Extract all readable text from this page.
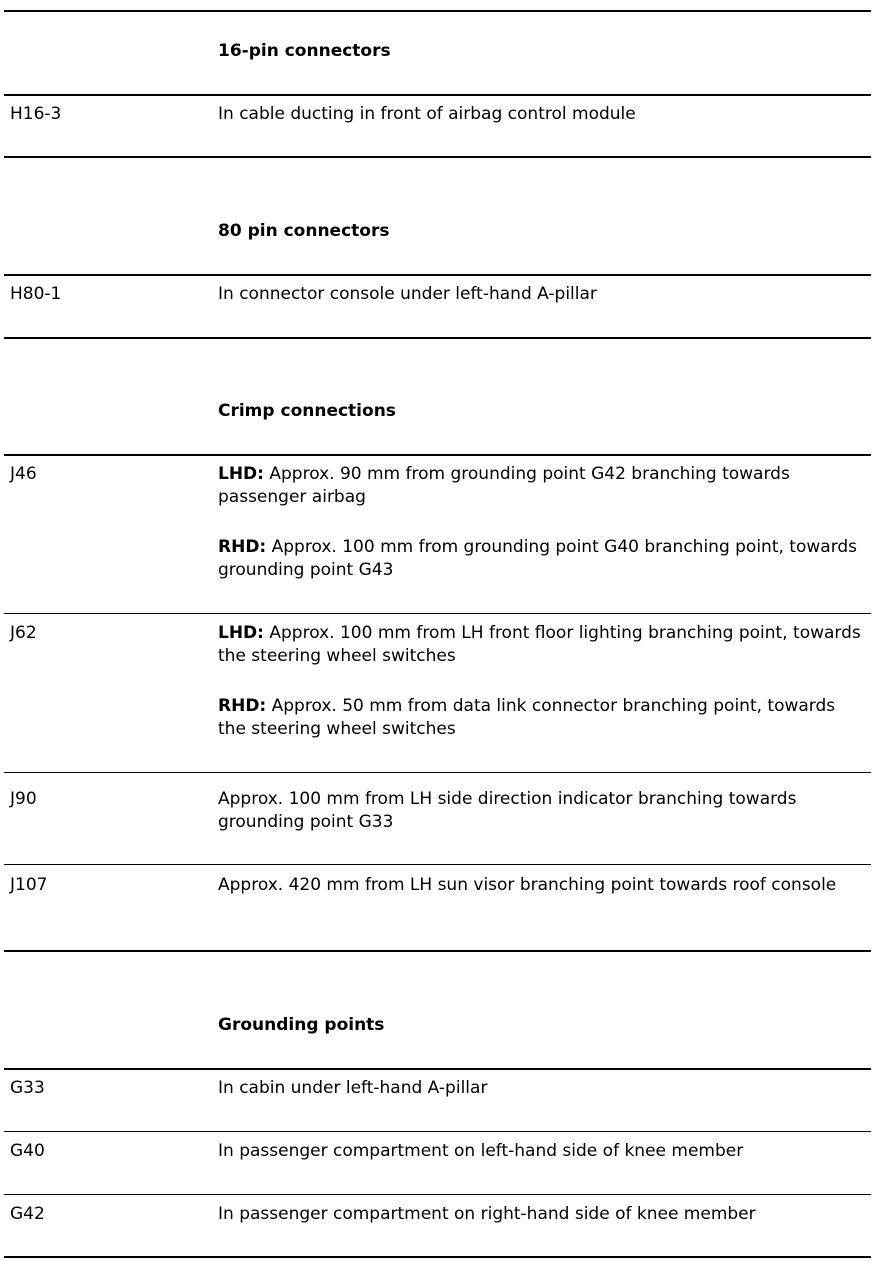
16-pin connectors
H16-3	In cable ducting in front of airbag control module
80 pin connectors
H80-1	In connector console under left-hand A-pillar
Crimp connections
J46	LHD: Approx. 90 mm from grounding point G42 branching towards passenger airbag
RHD: Approx. 100 mm from grounding point G40 branching point, towards grounding point G43
J62	LHD: Approx. 100 mm from LH front floor lighting branching point, towards the steering wheel switches
RHD: Approx. 50 mm from data link connector branching point, towards the steering wheel switches
J90	Approx. 100 mm from LH side direction indicator branching towards grounding point G33
J107	Approx. 420 mm from LH sun visor branching point towards roof console
Grounding points
G33	In cabin under left-hand A-pillar
G40	In passenger compartment on left-hand side of knee member
G42	In passenger compartment on right-hand side of knee member
